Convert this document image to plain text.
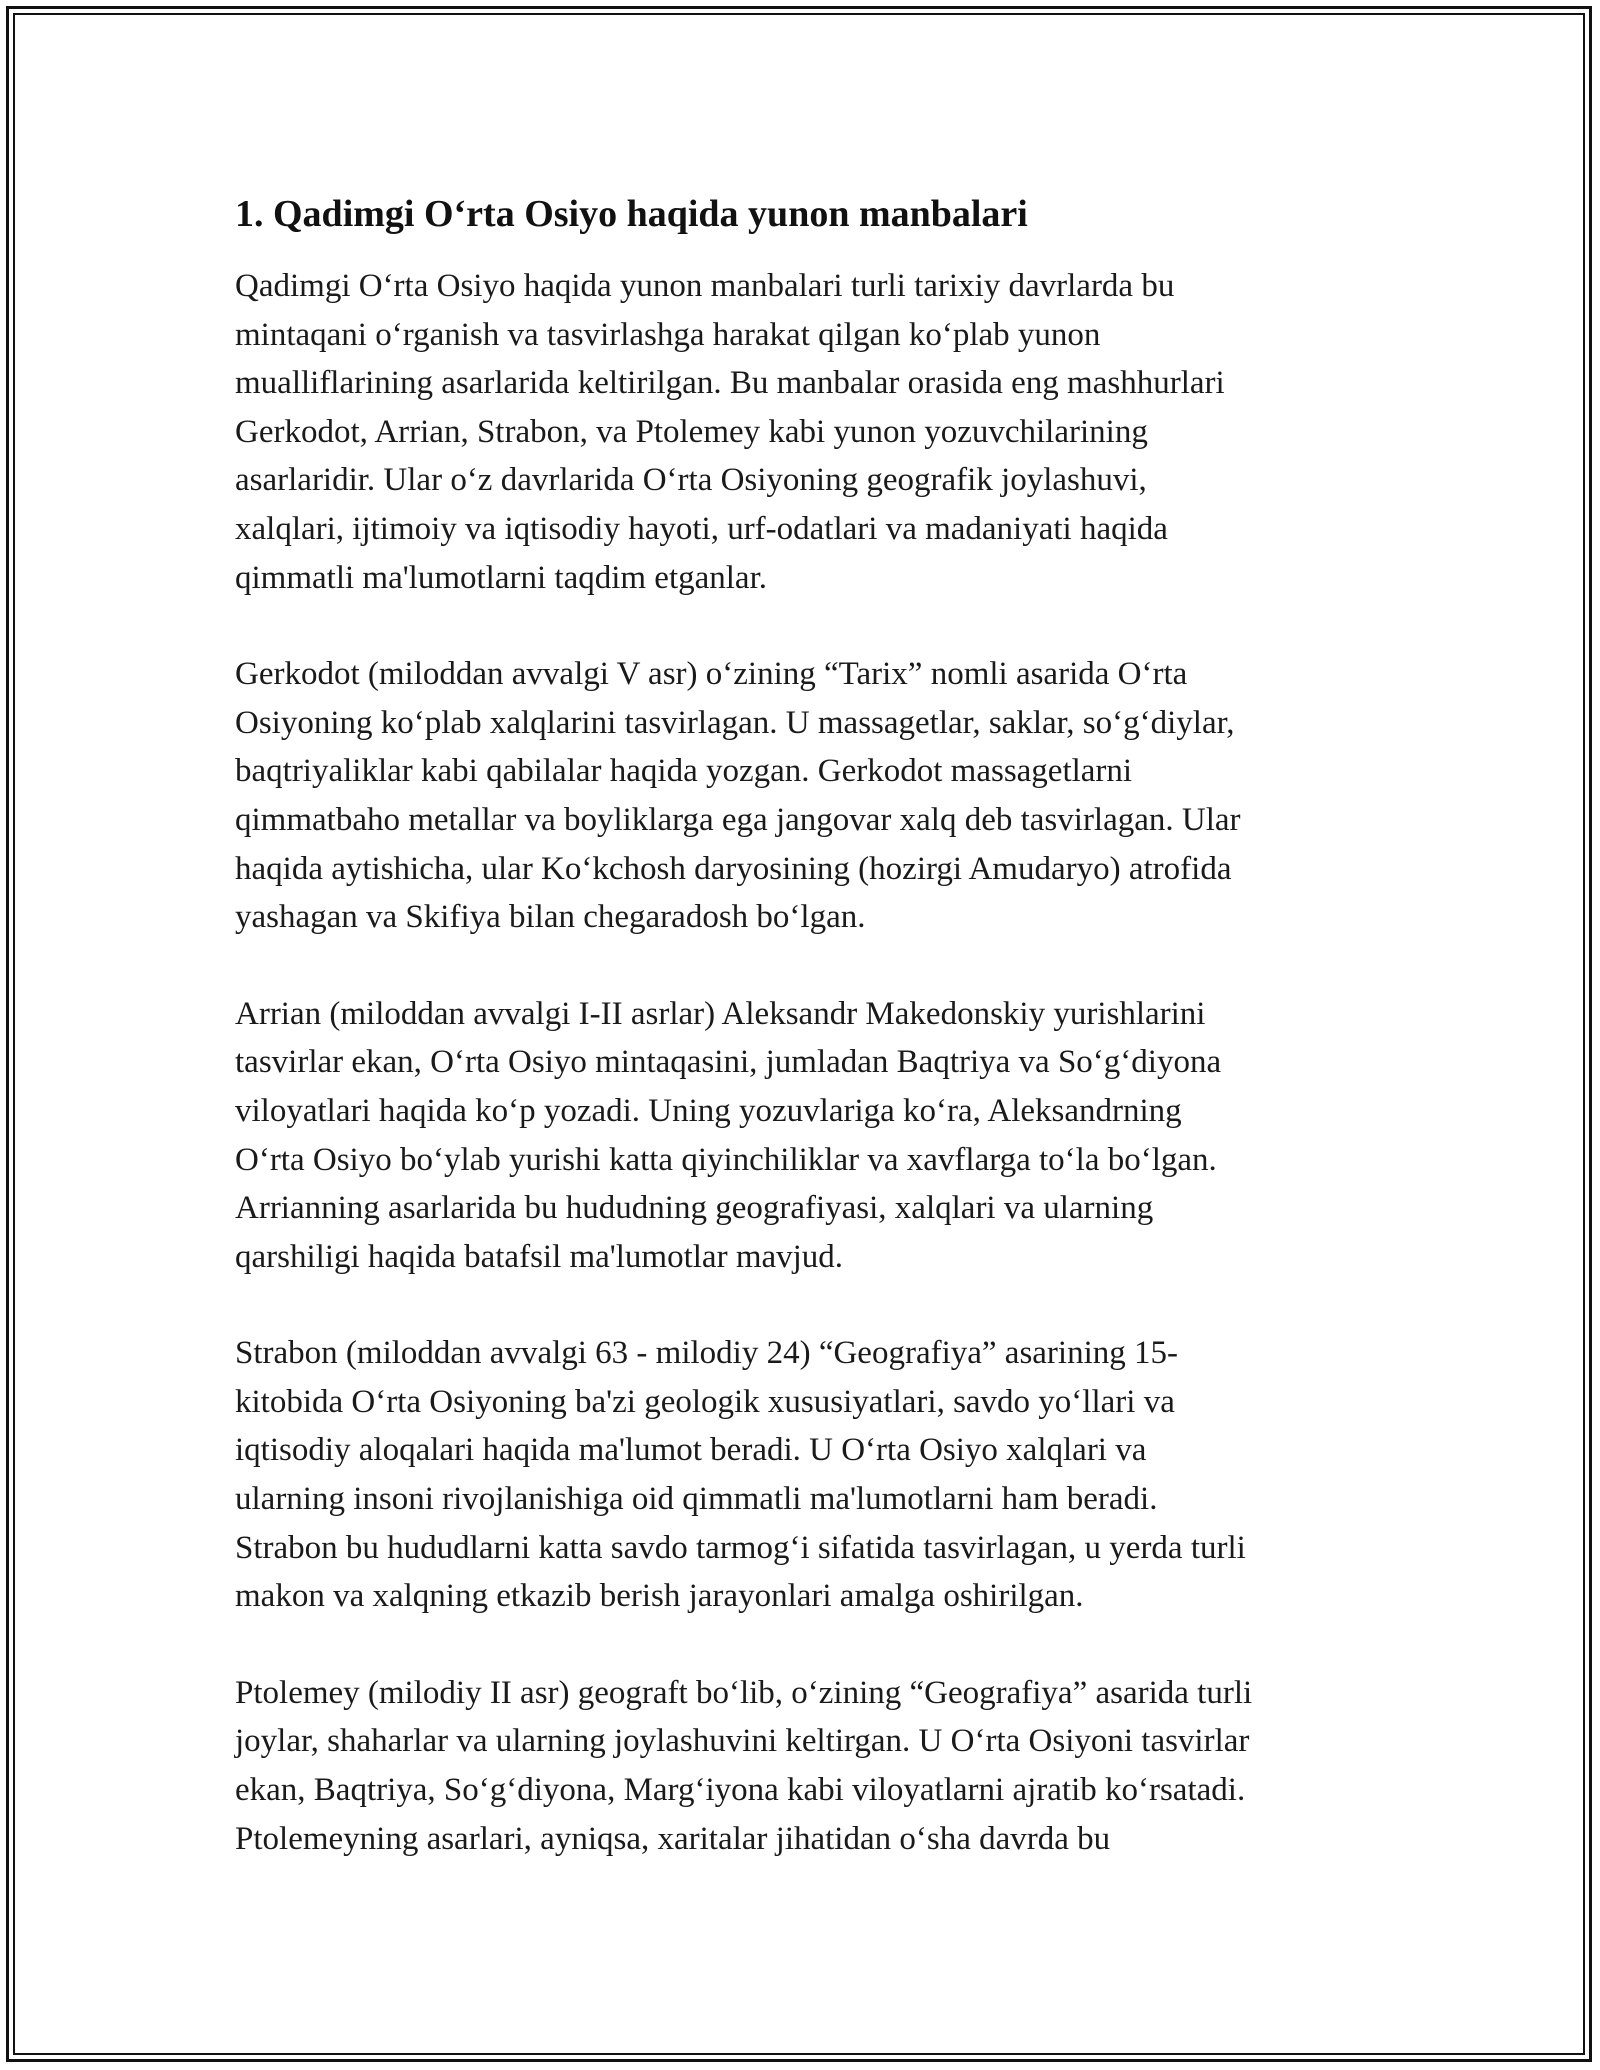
1. Qadimgi O‘rta Osiyo haqida yunon manbalari

Qadimgi O‘rta Osiyo haqida yunon manbalari turli tarixiy davrlarda bu
mintaqani o‘rganish va tasvirlashga harakat qilgan ko‘plab yunon
mualliflarining asarlarida keltirilgan. Bu manbalar orasida eng mashhurlari
Gerkodot, Arrian, Strabon, va Ptolemey kabi yunon yozuvchilarining
asarlaridir. Ular o‘z davrlarida O‘rta Osiyoning geografik joylashuvi,
xalqlari, ijtimoiy va iqtisodiy hayoti, urf-odatlari va madaniyati haqida
qimmatli ma'lumotlarni taqdim etganlar.

Gerkodot (miloddan avvalgi V asr) o‘zining “Tarix” nomli asarida O‘rta
Osiyoning ko‘plab xalqlarini tasvirlagan. U massagetlar, saklar, so‘g‘diylar,
baqtriyaliklar kabi qabilalar haqida yozgan. Gerkodot massagetlarni
qimmatbaho metallar va boyliklarga ega jangovar xalq deb tasvirlagan. Ular
haqida aytishicha, ular Ko‘kchosh daryosining (hozirgi Amudaryo) atrofida
yashagan va Skifiya bilan chegaradosh bo‘lgan.

Arrian (miloddan avvalgi I-II asrlar) Aleksandr Makedonskiy yurishlarini
tasvirlar ekan, O‘rta Osiyo mintaqasini, jumladan Baqtriya va So‘g‘diyona
viloyatlari haqida ko‘p yozadi. Uning yozuvlariga ko‘ra, Aleksandrning
O‘rta Osiyo bo‘ylab yurishi katta qiyinchiliklar va xavflarga to‘la bo‘lgan.
Arrianning asarlarida bu hududning geografiyasi, xalqlari va ularning
qarshiligi haqida batafsil ma'lumotlar mavjud.

Strabon (miloddan avvalgi 63 - milodiy 24) “Geografiya” asarining 15-
kitobida O‘rta Osiyoning ba'zi geologik xususiyatlari, savdo yo‘llari va
iqtisodiy aloqalari haqida ma'lumot beradi. U O‘rta Osiyo xalqlari va
ularning insoni rivojlanishiga oid qimmatli ma'lumotlarni ham beradi.
Strabon bu hududlarni katta savdo tarmog‘i sifatida tasvirlagan, u yerda turli
makon va xalqning etkazib berish jarayonlari amalga oshirilgan.

Ptolemey (milodiy II asr) geograft bo‘lib, o‘zining “Geografiya” asarida turli
joylar, shaharlar va ularning joylashuvini keltirgan. U O‘rta Osiyoni tasvirlar
ekan, Baqtriya, So‘g‘diyona, Marg‘iyona kabi viloyatlarni ajratib ko‘rsatadi.
Ptolemeyning asarlari, ayniqsa, xaritalar jihatidan o‘sha davrda bu
